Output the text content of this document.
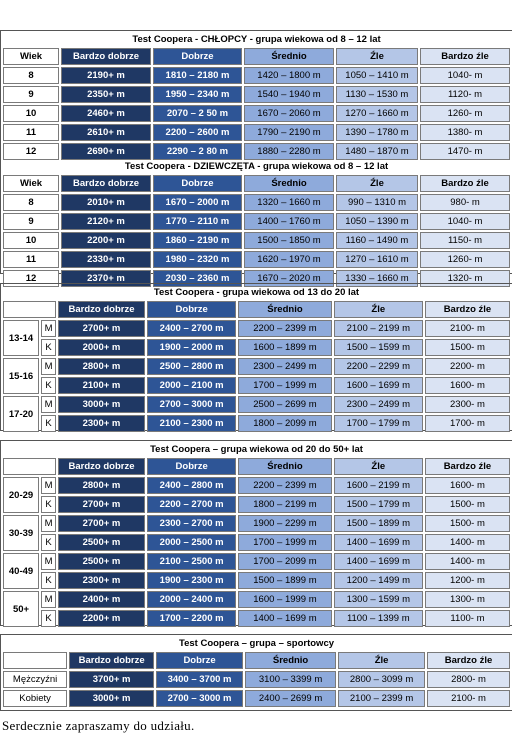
Test Coopera - CHŁOPCY - grupa wiekowa od 8 – 12 lat					
Wiek	Bardzo dobrze	Dobrze	Średnio	Źle	Bardzo źle
8	2190+ m	1810 – 2180 m	1420 – 1800 m	1050 – 1410 m	1040- m
9	2350+ m	1950 – 2340 m	1540 – 1940 m	1130 – 1530 m	1120- m
10	2460+ m	2070 – 2 50 m	1670 – 2060 m	1270 – 1660 m	1260- m
11	2610+ m	2200 – 2600 m	1790 – 2190 m	1390 – 1780 m	1380- m
12	2690+ m	2290 – 2 80 m	1880 – 2280 m	1480 – 1870 m	1470- m
Test Coopera - DZIEWCZĘTA - grupa wiekowa od 8 – 12 lat					
Wiek	Bardzo dobrze	Dobrze	Średnio	Źle	Bardzo źle
8	2010+ m	1670 – 2000 m	1320 – 1660 m	990 – 1310 m	980- m
9	2120+ m	1770 – 2110 m	1400 – 1760 m	1050 – 1390 m	1040- m
10	2200+ m	1860 – 2190 m	1500 – 1850 m	1160 – 1490 m	1150- m
11	2330+ m	1980 – 2320 m	1620 – 1970 m	1270 – 1610 m	1260- m
12	2370+ m	2030 – 2360 m	1670 – 2020 m	1330 – 1660 m	1320- m
Test Coopera - grupa wiekowa od 13 do 20 lat						
		Bardzo dobrze	Dobrze	Średnio	Źle	Bardzo źle
13-14	M	2700+ m	2400 – 2700 m	2200 – 2399 m	2100 – 2199 m	2100- m
	K	2000+ m	1900 – 2000 m	1600 – 1899 m	1500 – 1599 m	1500- m
15-16	M	2800+ m	2500 – 2800 m	2300 – 2499 m	2200 – 2299 m	2200- m
	K	2100+ m	2000 – 2100 m	1700 – 1999 m	1600 – 1699 m	1600- m
17-20	M	3000+ m	2700 – 3000 m	2500 – 2699 m	2300 – 2499 m	2300- m
	K	2300+ m	2100 – 2300 m	1800 – 2099 m	1700 – 1799 m	1700- m
Test Coopera – grupa wiekowa od 20 do 50+ lat						
		Bardzo dobrze	Dobrze	Średnio	Źle	Bardzo źle
20-29	M	2800+ m	2400 – 2800 m	2200 – 2399 m	1600 – 2199 m	1600- m
	K	2700+ m	2200 – 2700 m	1800 – 2199 m	1500 – 1799 m	1500- m
30-39	M	2700+ m	2300 – 2700 m	1900 – 2299 m	1500 – 1899 m	1500- m
	K	2500+ m	2000 – 2500 m	1700 – 1999 m	1400 – 1699 m	1400- m
40-49	M	2500+ m	2100 – 2500 m	1700 – 2099 m	1400 – 1699 m	1400- m
	K	2300+ m	1900 – 2300 m	1500 – 1899 m	1200 – 1499 m	1200- m
50+	M	2400+ m	2000 – 2400 m	1600 – 1999 m	1300 – 1599 m	1300- m
	K	2200+ m	1700 – 2200 m	1400 – 1699 m	1100 – 1399 m	1100- m
Test Coopera – grupa – sportowcy					
	Bardzo dobrze	Dobrze	Średnio	Źle	Bardzo źle
Mężczyźni	3700+ m	3400 – 3700 m	3100 – 3399 m	2800 – 3099 m	2800- m
Kobiety	3000+ m	2700 – 3000 m	2400 – 2699 m	2100 – 2399 m	2100- m
Serdecznie zapraszamy do udziału.
